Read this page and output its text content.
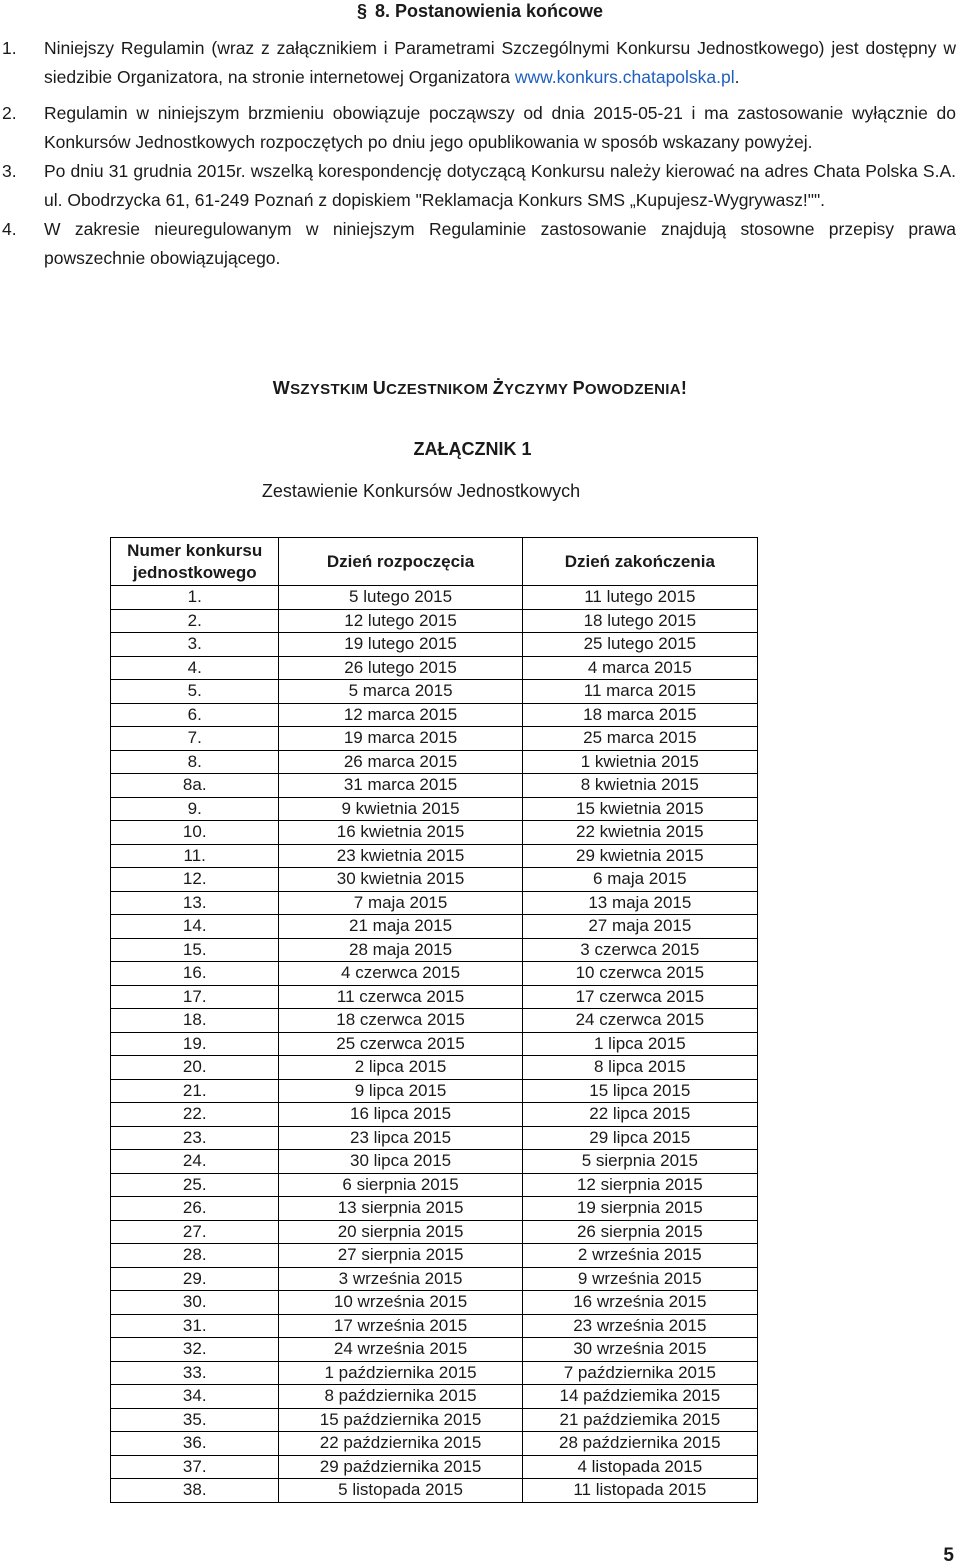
§ 8. Postanowienia końcowe
1. Niniejszy Regulamin (wraz z załącznikiem i Parametrami Szczególnymi Konkursu Jednostkowego) jest dostępny w siedzibie Organizatora, na stronie internetowej Organizatora www.konkurs.chatapolska.pl.
2. Regulamin w niniejszym brzmieniu obowiązuje począwszy od dnia 2015-05-21 i ma zastosowanie wyłącznie do Konkursów Jednostkowych rozpoczętych po dniu jego opublikowania w sposób wskazany powyżej.
3. Po dniu 31 grudnia 2015r. wszelką korespondencję dotyczącą Konkursu należy kierować na adres Chata Polska S.A. ul. Obodrzycka 61, 61-249 Poznań z dopiskiem "Reklamacja Konkurs SMS „Kupujesz-Wygrywasz!"".
4. W zakresie nieuregulowanym w niniejszym Regulaminie zastosowanie znajdują stosowne przepisy prawa powszechnie obowiązującego.
WSZYSTKIM UCZESTNIKOM ŻYCZYMY POWODZENIA!
ZAŁĄCZNIK 1
Zestawienie Konkursów Jednostkowych
Numer konkursu jednostkowego	Dzień rozpoczęcia	Dzień zakończenia
1.	5 lutego 2015	11 lutego 2015
2.	12 lutego 2015	18 lutego 2015
3.	19 lutego 2015	25 lutego 2015
4.	26 lutego 2015	4 marca 2015
5.	5 marca 2015	11 marca 2015
6.	12 marca 2015	18 marca 2015
7.	19 marca 2015	25 marca 2015
8.	26 marca 2015	1 kwietnia 2015
8a.	31 marca 2015	8 kwietnia 2015
9.	9 kwietnia 2015	15 kwietnia 2015
10.	16 kwietnia 2015	22 kwietnia 2015
11.	23 kwietnia 2015	29 kwietnia 2015
12.	30 kwietnia 2015	6 maja 2015
13.	7 maja 2015	13 maja 2015
14.	21 maja 2015	27 maja 2015
15.	28 maja 2015	3 czerwca 2015
16.	4 czerwca 2015	10 czerwca 2015
17.	11 czerwca 2015	17 czerwca 2015
18.	18 czerwca 2015	24 czerwca 2015
19.	25 czerwca 2015	1 lipca 2015
20.	2 lipca 2015	8 lipca 2015
21.	9 lipca 2015	15 lipca 2015
22.	16 lipca 2015	22 lipca 2015
23.	23 lipca 2015	29 lipca 2015
24.	30 lipca 2015	5 sierpnia 2015
25.	6 sierpnia 2015	12 sierpnia 2015
26.	13 sierpnia 2015	19 sierpnia 2015
27.	20 sierpnia 2015	26 sierpnia 2015
28.	27 sierpnia 2015	2 września 2015
29.	3 września 2015	9 września 2015
30.	10 września 2015	16 września 2015
31.	17 września 2015	23 września 2015
32.	24 września 2015	30 września 2015
33.	1 października 2015	7 października 2015
34.	8 października 2015	14 paździemika 2015
35.	15 października 2015	21 paździemika 2015
36.	22 października 2015	28 października 2015
37.	29 października 2015	4 listopada 2015
38.	5 listopada 2015	11 listopada 2015
5
